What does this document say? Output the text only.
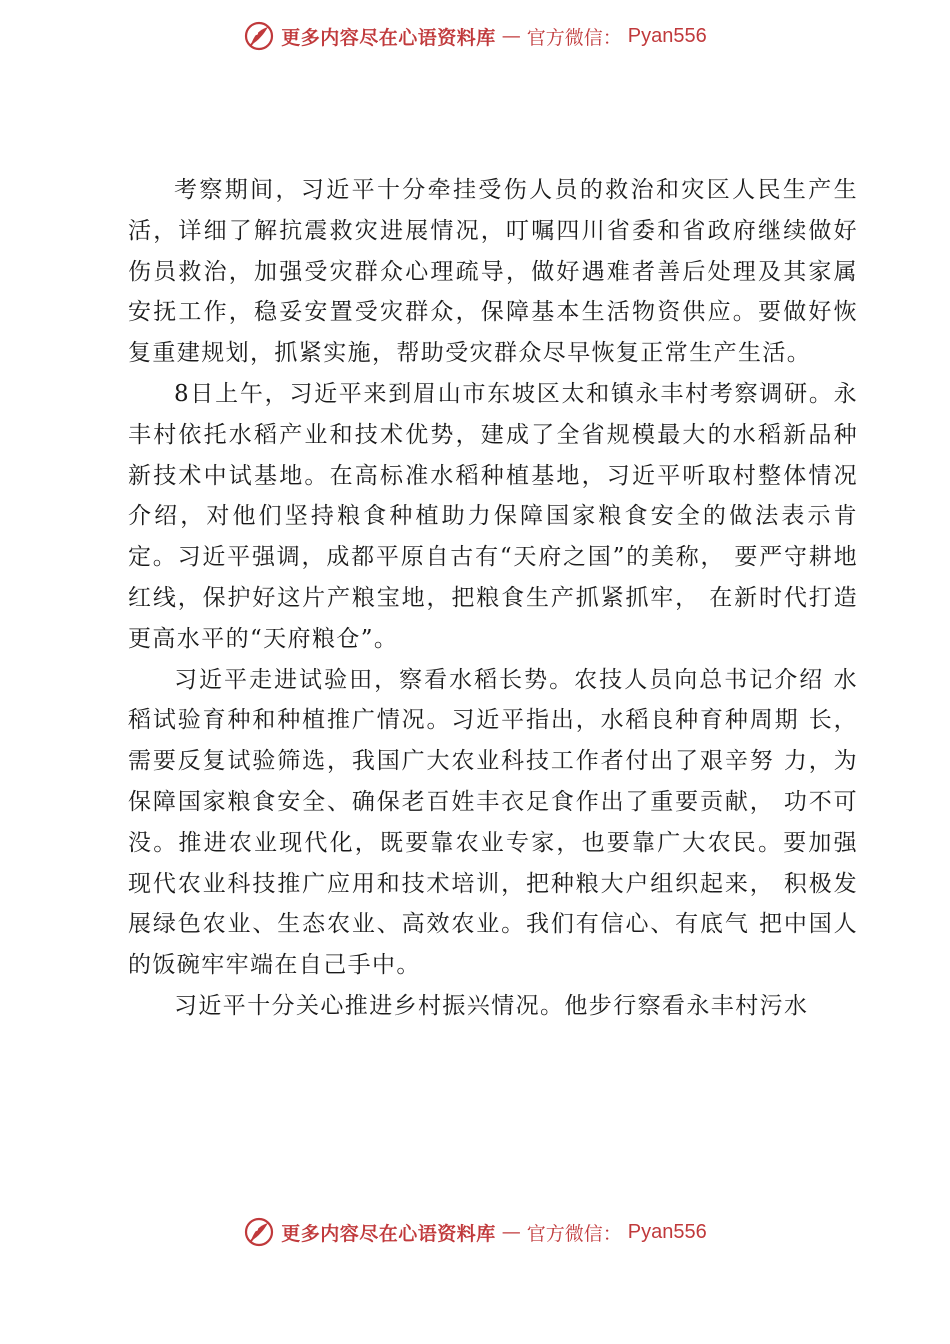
更多内容尽在心语资料库 — 官方微信： Pyan556

考察期间，习近平十分牵挂受伤人员的救治和灾区人民生产生活，详细了解抗震救灾进展情况，叮嘱四川省委和省政府继续做好伤员救治，加强受灾群众心理疏导，做好遇难者善后处理及其家属安抚工作，稳妥安置受灾群众，保障基本生活物资供应。要做好恢复重建规划，抓紧实施，帮助受灾群众尽早恢复正常生产生活。

8日上午，习近平来到眉山市东坡区太和镇永丰村考察调研。永丰村依托水稻产业和技术优势，建成了全省规模最大的水稻新品种新技术中试基地。在高标准水稻种植基地，习近平听取村整体情况介绍，对他们坚持粮食种植助力保障国家粮食安全的做法表示肯定。习近平强调，成都平原自古有“天府之国”的美称， 要严守耕地红线，保护好这片产粮宝地，把粮食生产抓紧抓牢， 在新时代打造更高水平的“天府粮仓”。

习近平走进试验田，察看水稻长势。农技人员向总书记介绍 水稻试验育种和种植推广情况。习近平指出，水稻良种育种周期 长，需要反复试验筛选，我国广大农业科技工作者付出了艰辛努 力，为保障国家粮食安全、确保老百姓丰衣足食作出了重要贡献， 功不可没。推进农业现代化，既要靠农业专家，也要靠广大农民。要加强现代农业科技推广应用和技术培训，把种粮大户组织起来， 积极发展绿色农业、生态农业、高效农业。我们有信心、有底气 把中国人的饭碗牢牢端在自己手中。

习近平十分关心推进乡村振兴情况。他步行察看永丰村污水

更多内容尽在心语资料库 — 官方微信： Pyan556
